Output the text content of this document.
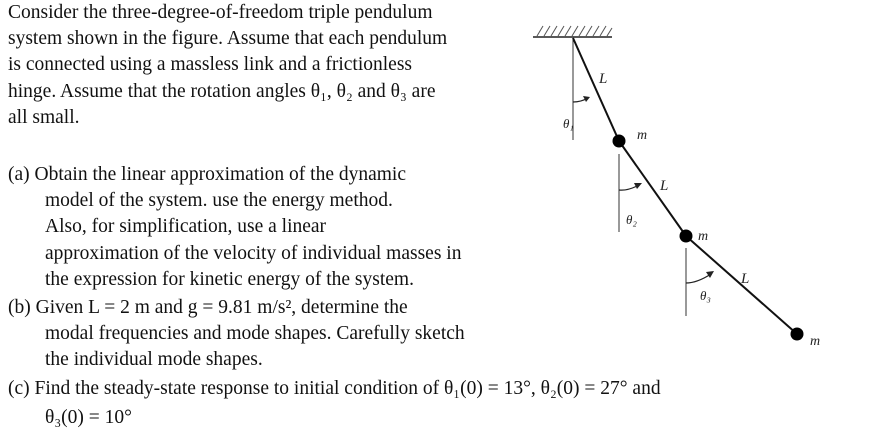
Consider the three-degree-of-freedom triple pendulum
system shown in the figure. Assume that each pendulum
is connected using a massless link and a frictionless
hinge. Assume that the rotation angles θ₁, θ₂ and θ₃ are
all small.
(a) Obtain the linear approximation of the dynamic
model of the system. use the energy method.
Also, for simplification, use a linear
approximation of the velocity of individual masses in
the expression for kinetic energy of the system.
(b) Given L = 2 m and g = 9.81 m/s², determine the
modal frequencies and mode shapes. Carefully sketch
the individual mode shapes.
(c) Find the steady-state response to initial condition of θ₁(0) = 13°, θ₂(0) = 27° and
θ₃(0) = 10°
L
L
L
m
m
m
θ₁
θ₂
θ₃
